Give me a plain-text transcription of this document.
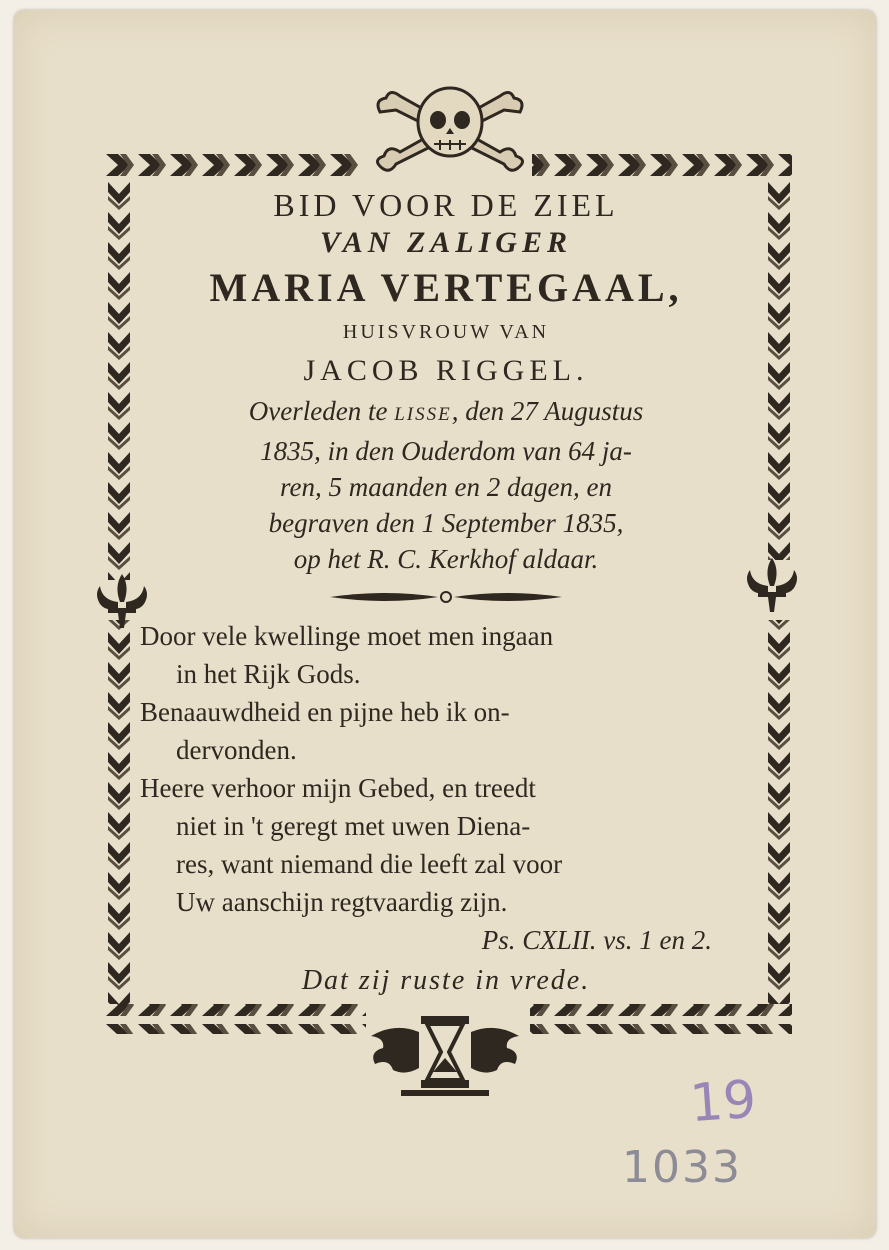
BID VOOR DE ZIEL

VAN ZALIGER

MARIA VERTEGAAL,

HUISVROUW VAN

JACOB RIGGEL.

Overleden te LISSE, den 27 Augustus

1835, in den Ouderdom van 64 ja-

ren, 5 maanden en 2 dagen, en

begraven den 1 September 1835,

op het R. C. Kerkhof aldaar.

Door vele kwellinge moet men ingaan
in het Rijk Gods.
Benaauwdheid en pijne heb ik on-
dervonden.
Heere verhoor mijn Gebed, en treedt
niet in 't geregt met uwen Diena-
res, want niemand die leeft zal voor
Uw aanschijn regtvaardig zijn.

Ps. CXLII. vs. 1 en 2.

Dat zij ruste in vrede.

19
1033
